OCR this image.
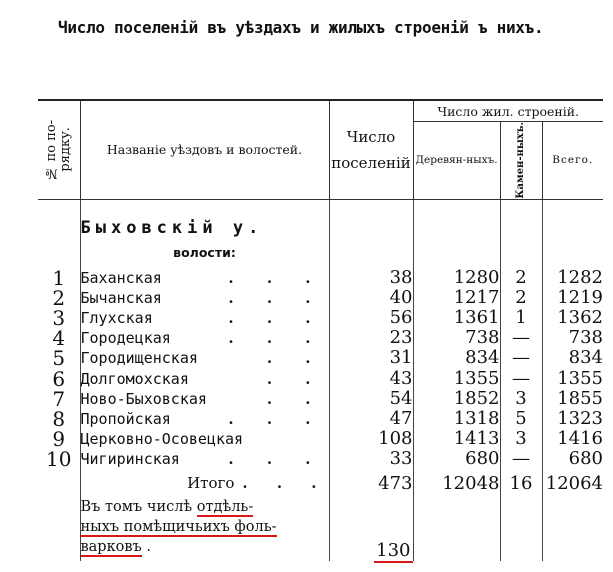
Число поселенiй въ уѣздахъ и жилыхъ строенiй ъ нихъ.
№ по по-рядку.	Названiе уѣздовъ и волостей.	Число поселенiй	Число жил. строенiй.		
			Деревян-ныхъ.	Камен-ныхъ.	Всего.
	Быховскiй у.				
	волости:				
1	Баханская . . .	38	1280	2	1282
2	Бычанская . . .	40	1217	2	1219
3	Глухская . . .	56	1361	1	1362
4	Городецкая . . .	23	738	—	738
5	Городищенская . .	31	834	—	834
6	Долгомохская . .	43	1355	—	1355
7	Ново-Быховская . .	54	1852	3	1855
8	Пропойская . . .	47	1318	5	1323
9	Церковно-Осовецкая	108	1413	3	1416
10	Чигиринская . . .	33	680	—	680
	Итого . . .	473	12048	16	12064

	Въ томъ числѣ отдѣль-
ныхъ помѣщичьихъ фоль-
варковъ .	130			
